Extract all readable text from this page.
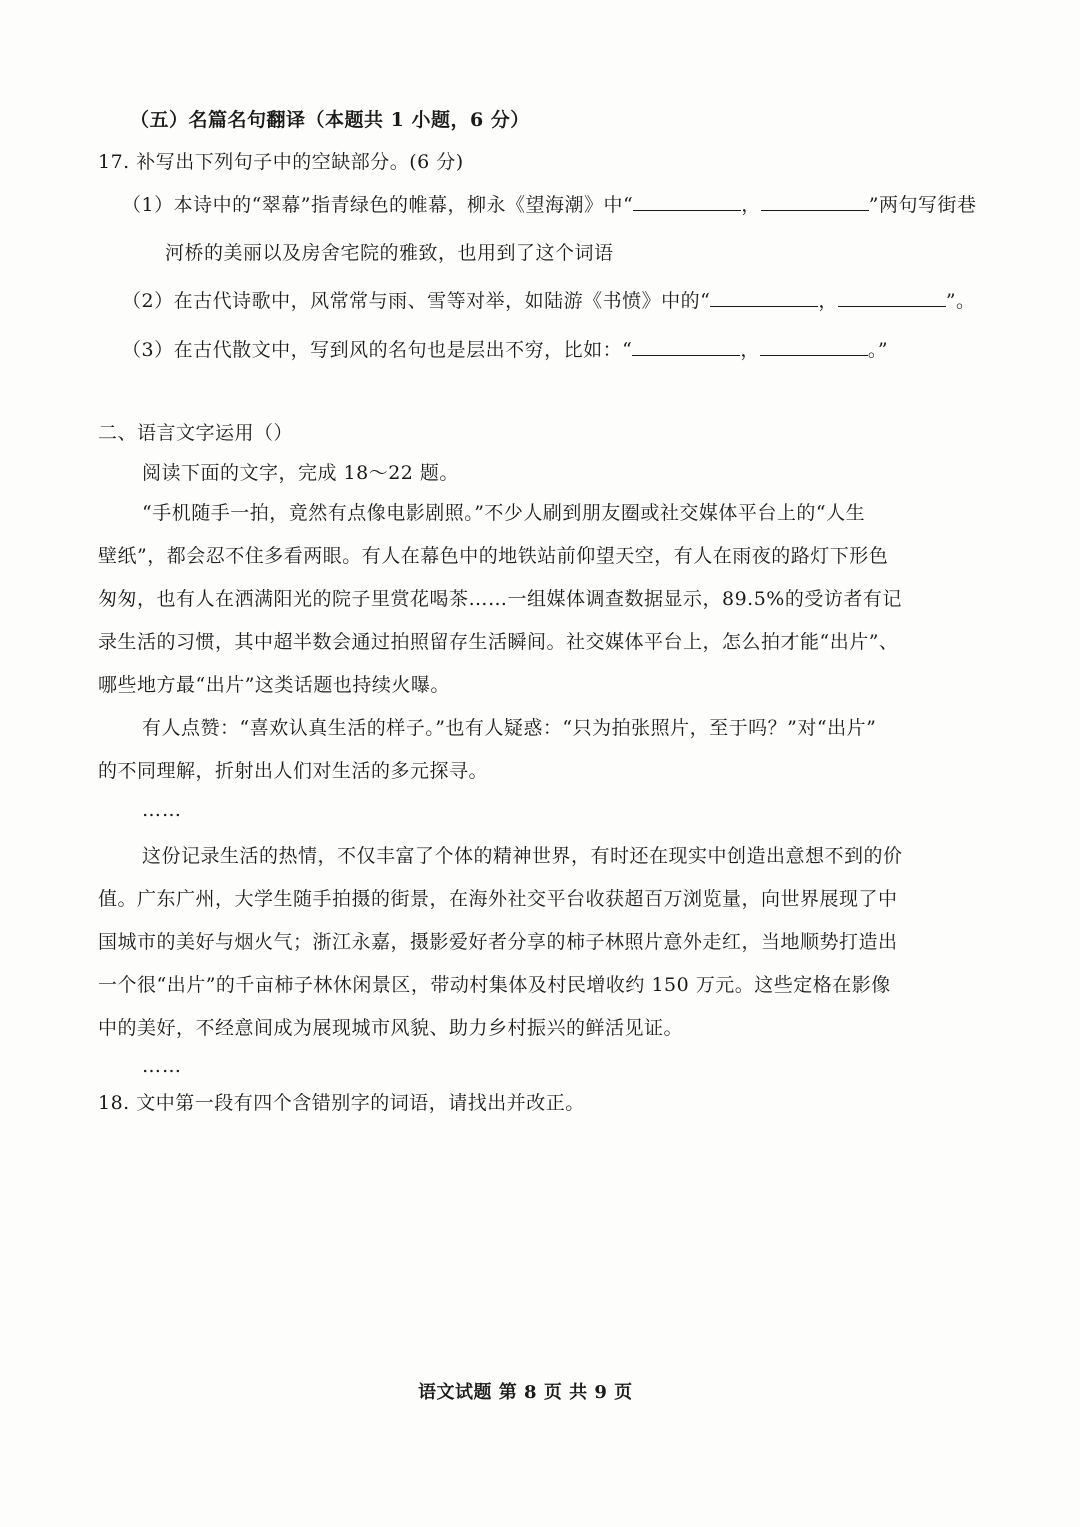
（五）名篇名句翻译（本题共 1 小题，6 分）
17. 补写出下列句子中的空缺部分。(6 分)
（1）本诗中的“翠幕”指青绿色的帷幕，柳永《望海潮》中“	，	”两句写街巷
河桥的美丽以及房舍宅院的雅致，也用到了这个词语
（2）在古代诗歌中，风常常与雨、雪等对举，如陆游《书愤》中的“	，	”。
（3）在古代散文中，写到风的名句也是层出不穷，比如：“	，	。”
二、语言文字运用（）
阅读下面的文字，完成 18～22 题。
“手机随手一拍，竟然有点像电影剧照。”不少人刷到朋友圈或社交媒体平台上的“人生
壁纸”，都会忍不住多看两眼。有人在幕色中的地铁站前仰望天空，有人在雨夜的路灯下形色
匆匆，也有人在洒满阳光的院子里赏花喝茶……一组媒体调查数据显示，89.5%的受访者有记
录生活的习惯，其中超半数会通过拍照留存生活瞬间。社交媒体平台上，怎么拍才能“出片”、
哪些地方最“出片”这类话题也持续火曝。
有人点赞：“喜欢认真生活的样子。”也有人疑惑：“只为拍张照片，至于吗？”对“出片”
的不同理解，折射出人们对生活的多元探寻。
……
这份记录生活的热情，不仅丰富了个体的精神世界，有时还在现实中创造出意想不到的价
值。广东广州，大学生随手拍摄的街景，在海外社交平台收获超百万浏览量，向世界展现了中
国城市的美好与烟火气；浙江永嘉，摄影爱好者分享的柿子林照片意外走红，当地顺势打造出
一个很“出片”的千亩柿子林休闲景区，带动村集体及村民增收约 150 万元。这些定格在影像
中的美好，不经意间成为展现城市风貌、助力乡村振兴的鲜活见证。
……
18. 文中第一段有四个含错别字的词语，请找出并改正。
语文试题 第 8 页 共 9 页
